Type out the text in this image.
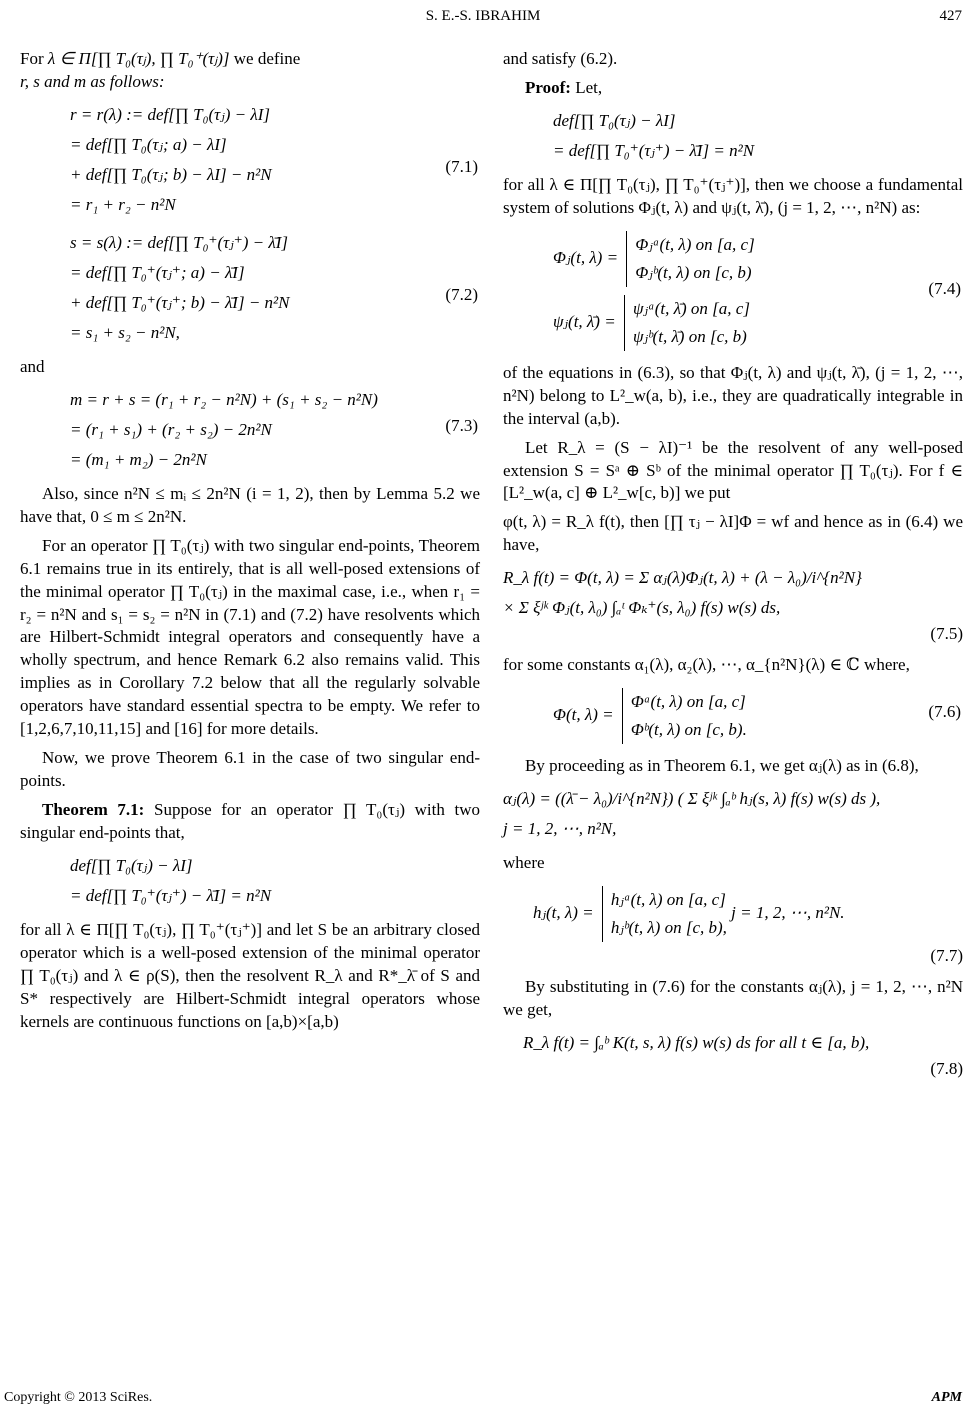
S. E.-S. IBRAHIM	427

For λ ∈ Π[∏ T₀(τⱼ), ∏ T₀⁺(τⱼ)] we define
r, s and m as follows:

r = r(λ) := def[∏ T₀(τⱼ) − λI]
= def[∏ T₀(τⱼ; a) − λI]
+ def[∏ T₀(τⱼ; b) − λI] − n²N
= r₁ + r₂ − n²N
(7.1)
s = s(λ) := def[∏ T₀⁺(τⱼ⁺) − λ̄I]
= def[∏ T₀⁺(τⱼ⁺; a) − λ̄I]
+ def[∏ T₀⁺(τⱼ⁺; b) − λ̄I] − n²N
= s₁ + s₂ − n²N,
(7.2)

and

m = r + s = (r₁ + r₂ − n²N) + (s₁ + s₂ − n²N)
= (r₁ + s₁) + (r₂ + s₂) − 2n²N
= (m₁ + m₂) − 2n²N
(7.3)

Also, since n²N ≤ mᵢ ≤ 2n²N (i = 1, 2), then by Lemma 5.2 we have that, 0 ≤ m ≤ 2n²N.

For an operator ∏ T₀(τⱼ) with two singular end-points, Theorem 6.1 remains true in its entirely, that is all well-posed extensions of the minimal operator ∏ T₀(τⱼ) in the maximal case, i.e., when r₁ = r₂ = n²N and s₁ = s₂ = n²N in (7.1) and (7.2) have resolvents which are Hilbert-Schmidt integral operators and consequently have a wholly spectrum, and hence Remark 6.2 also remains valid. This implies as in Corollary 7.2 below that all the regularly solvable operators have standard essential spectra to be empty. We refer to [1,2,6,7,10,11,15] and [16] for more details.

Now, we prove Theorem 6.1 in the case of two singular end-points.

Theorem 7.1: Suppose for an operator ∏ T₀(τⱼ) with two singular end-points that,

def[∏ T₀(τⱼ) − λI]
= def[∏ T₀⁺(τⱼ⁺) − λ̄I] = n²N

for all λ ∈ Π[∏ T₀(τⱼ), ∏ T₀⁺(τⱼ⁺)] and let S be an arbitrary closed operator which is a well-posed extension of the minimal operator ∏ T₀(τⱼ) and λ ∈ ρ(S), then the resolvent R_λ and R*_λ̄ of S and S* respectively are Hilbert-Schmidt integral operators whose kernels are continuous functions on [a,b)×[a,b)

and satisfy (6.2).

Proof: Let,

def[∏ T₀(τⱼ) − λI]
= def[∏ T₀⁺(τⱼ⁺) − λ̄I] = n²N

for all λ ∈ Π[∏ T₀(τⱼ), ∏ T₀⁺(τⱼ⁺)], then we choose a fundamental system of solutions Φⱼ(t, λ) and ψⱼ(t, λ̄), (j = 1, 2, ⋯, n²N) as:

Φⱼ(t, λ) = Φⱼᵃ(t, λ) on [a, c]
Φⱼᵇ(t, λ) on [c, b)
ψⱼ(t, λ̄) = ψⱼᵃ(t, λ̄) on [a, c]
ψⱼᵇ(t, λ̄) on [c, b)
(7.4)

of the equations in (6.3), so that Φⱼ(t, λ) and ψⱼ(t, λ̄), (j = 1, 2, ⋯, n²N) belong to L²_w(a, b), i.e., they are quadratically integrable in the interval (a,b).

Let R_λ = (S − λI)⁻¹ be the resolvent of any well-posed extension S = Sᵃ ⊕ Sᵇ of the minimal operator ∏ T₀(τⱼ). For f ∈ [L²_w(a, c] ⊕ L²_w[c, b)] we put

φ(t, λ) = R_λ f(t), then [∏ τⱼ − λI]Φ = wf and hence as in (6.4) we have,

R_λ f(t) = Φ(t, λ) = Σ αⱼ(λ)Φⱼ(t, λ) + (λ − λ₀)/i^{n²N}
× Σ ξʲᵏ Φⱼ(t, λ₀) ∫ₐᵗ Φₖ⁺(s, λ₀) f(s) w(s) ds,
(7.5)

for some constants α₁(λ), α₂(λ), ⋯, α_{n²N}(λ) ∈ ℂ where,

Φ(t, λ) = Φᵃ(t, λ) on [a, c]
Φᵇ(t, λ) on [c, b).
(7.6)

By proceeding as in Theorem 6.1, we get αⱼ(λ) as in (6.8),

αⱼ(λ) = ((λ̄ − λ₀)/i^{n²N}) ( Σ ξʲᵏ ∫ₐᵇ hⱼ(s, λ) f(s) w(s) ds ),
j = 1, 2, ⋯, n²N,

where

hⱼ(t, λ) = hⱼᵃ(t, λ) on [a, c]
hⱼᵇ(t, λ) on [c, b), j = 1, 2, ⋯, n²N.
(7.7)

By substituting in (7.6) for the constants αⱼ(λ), j = 1, 2, ⋯, n²N we get,

R_λ f(t) = ∫ₐᵇ K(t, s, λ) f(s) w(s) ds for all t ∈ [a, b),
(7.8)
Copyright © 2013 SciRes.	APM
